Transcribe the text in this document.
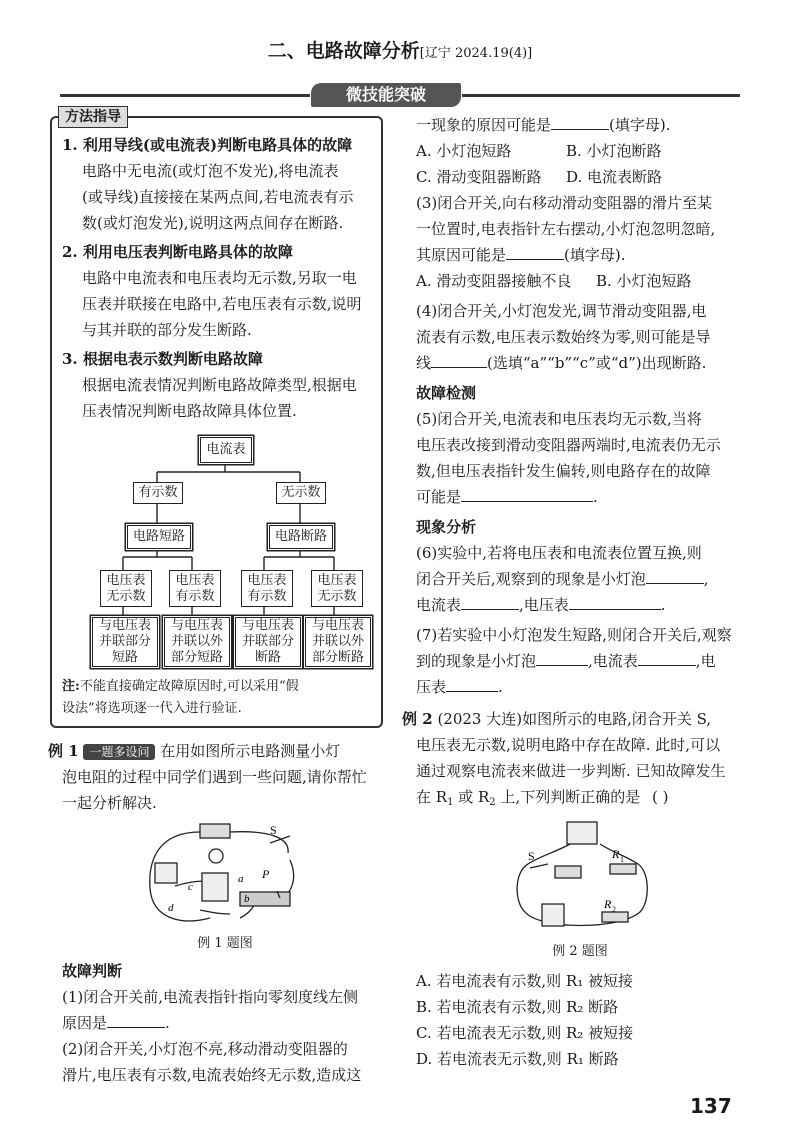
二、电路故障分析[辽宁 2024.19(4)]
微技能突破
方法指导
1. 利用导线(或电流表)判断电路具体的故障
电路中无电流(或灯泡不发光),将电流表
(或导线)直接接在某两点间,若电流表有示
数(或灯泡发光),说明这两点间存在断路.
2. 利用电压表判断电路具体的故障
电路中电流表和电压表均无示数,另取一电
压表并联接在电路中,若电压表有示数,说明
与其并联的部分发生断路.
3. 根据电表示数判断电路故障
根据电流表情况判断电路故障类型,根据电
压表情况判断电路故障具体位置.
电流表
有示数	无示数
电路短路	电路断路
电压表无示数
电压表有示数
电压表有示数
电压表无示数
与电压表并联部分短路
与电压表并联以外部分短路
与电压表并联部分断路
与电压表并联以外部分断路
注:不能直接确定故障原因时,可以采用“假
设法”将选项逐一代入进行验证.
例 1 一题多设问 在用如图所示电路测量小灯
泡电阻的过程中同学们遇到一些问题,请你帮忙
一起分析解决.
S
P
a
b
c
d
例 1 题图
故障判断
(1)闭合开关前,电流表指针指向零刻度线左侧
原因是	.
(2)闭合开关,小灯泡不亮,移动滑动变阻器的
滑片,电压表有示数,电流表始终无示数,造成这
一现象的原因可能是	(填字母).
A. 小灯泡短路	B. 小灯泡断路
C. 滑动变阻器断路 D. 电流表断路
(3)闭合开关,向右移动滑动变阻器的滑片至某
一位置时,电表指针左右摆动,小灯泡忽明忽暗,
其原因可能是	(填字母).
A. 滑动变阻器接触不良 B. 小灯泡短路
(4)闭合开关,小灯泡发光,调节滑动变阻器,电
流表有示数,电压表示数始终为零,则可能是导
线	(选填“a”“b”“c”或“d”)出现断路.
故障检测
(5)闭合开关,电流表和电压表均无示数,当将
电压表改接到滑动变阻器两端时,电流表仍无示
数,但电压表指针发生偏转,则电路存在的故障
可能是	.
现象分析
(6)实验中,若将电压表和电流表位置互换,则
闭合开关后,观察到的现象是小灯泡	,
电流表	,电压表	.
(7)若实验中小灯泡发生短路,则闭合开关后,观察
到的现象是小灯泡	,电流表	,电
压表	.
例 2 (2023 大连)如图所示的电路,闭合开关 S,
电压表无示数,说明电路中存在故障. 此时,可以
通过观察电流表来做进一步判断. 已知故障发生
在 $R_1$ 或 $R_2$ 上,下列判断正确的是 ( )
S	R 1
R 2
例 2 题图
A. 若电流表有示数,则 R₁ 被短接
B. 若电流表有示数,则 R₂ 断路
C. 若电流表无示数,则 R₂ 被短接
D. 若电流表无示数,则 R₁ 断路
137
